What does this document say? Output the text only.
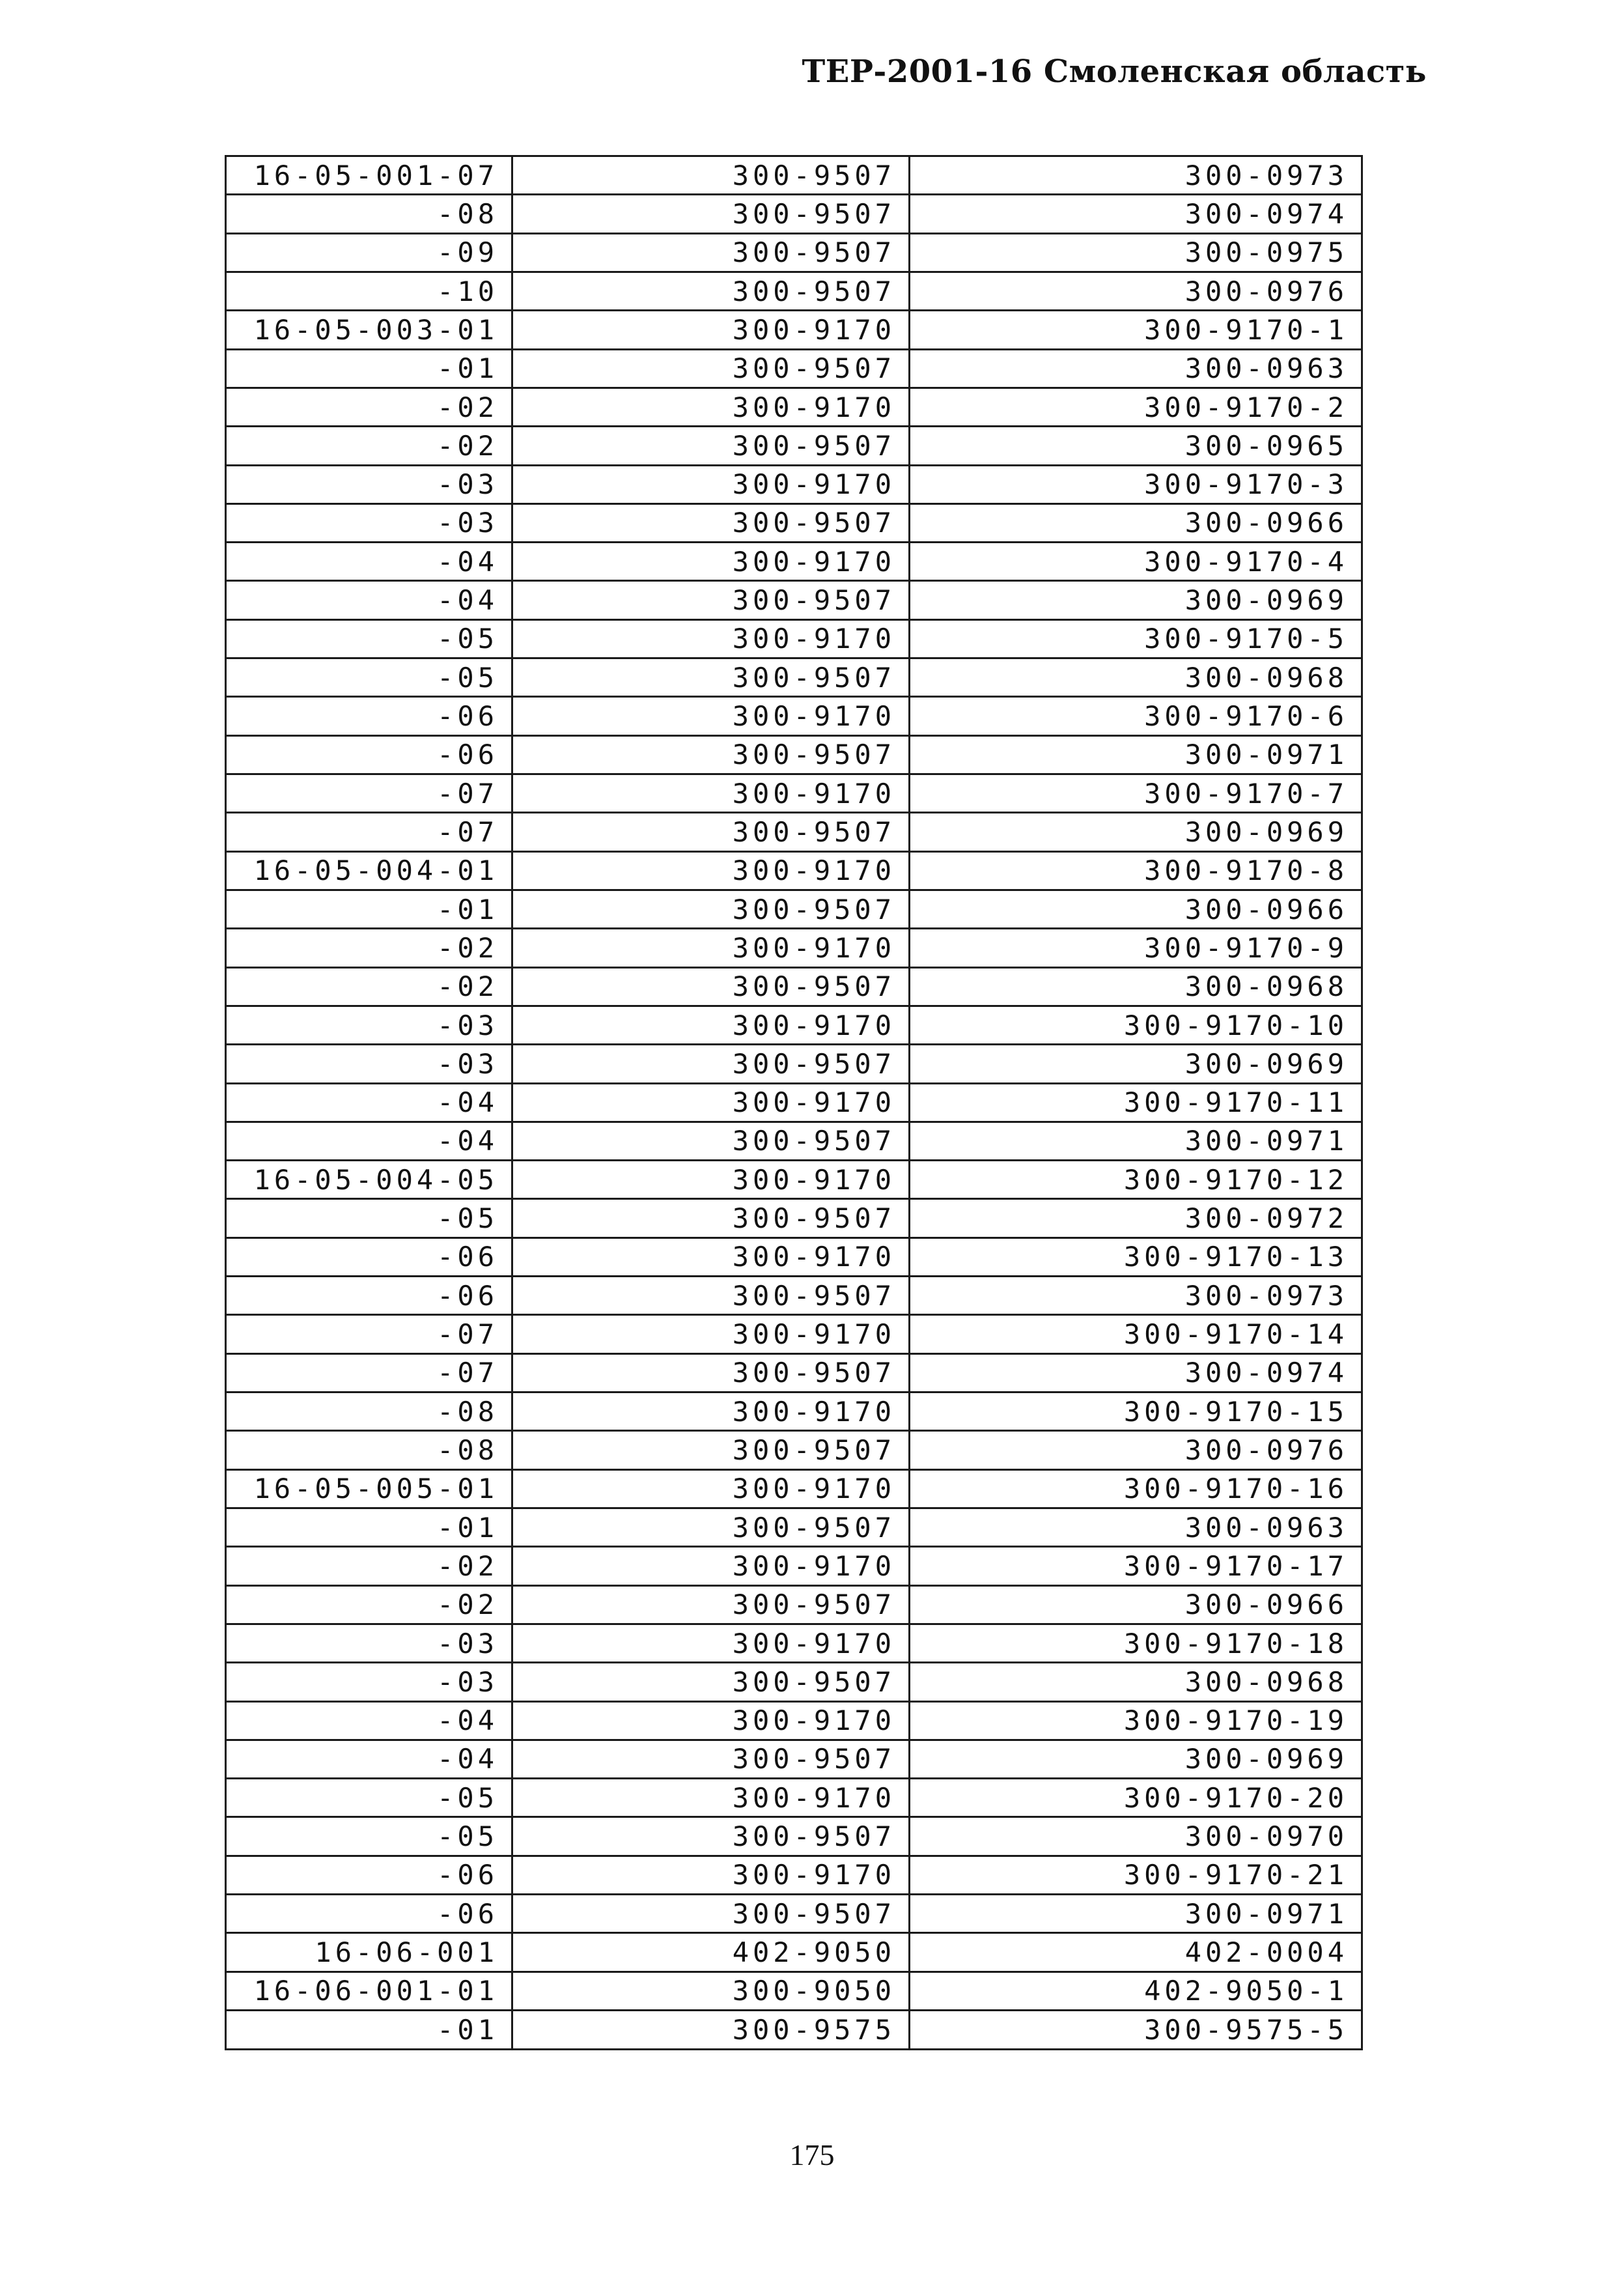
ТЕР-2001-16 Смоленская область
16-05-001-07	300-9507	300-0973
-08	300-9507	300-0974
-09	300-9507	300-0975
-10	300-9507	300-0976
16-05-003-01	300-9170	300-9170-1
-01	300-9507	300-0963
-02	300-9170	300-9170-2
-02	300-9507	300-0965
-03	300-9170	300-9170-3
-03	300-9507	300-0966
-04	300-9170	300-9170-4
-04	300-9507	300-0969
-05	300-9170	300-9170-5
-05	300-9507	300-0968
-06	300-9170	300-9170-6
-06	300-9507	300-0971
-07	300-9170	300-9170-7
-07	300-9507	300-0969
16-05-004-01	300-9170	300-9170-8
-01	300-9507	300-0966
-02	300-9170	300-9170-9
-02	300-9507	300-0968
-03	300-9170	300-9170-10
-03	300-9507	300-0969
-04	300-9170	300-9170-11
-04	300-9507	300-0971
16-05-004-05	300-9170	300-9170-12
-05	300-9507	300-0972
-06	300-9170	300-9170-13
-06	300-9507	300-0973
-07	300-9170	300-9170-14
-07	300-9507	300-0974
-08	300-9170	300-9170-15
-08	300-9507	300-0976
16-05-005-01	300-9170	300-9170-16
-01	300-9507	300-0963
-02	300-9170	300-9170-17
-02	300-9507	300-0966
-03	300-9170	300-9170-18
-03	300-9507	300-0968
-04	300-9170	300-9170-19
-04	300-9507	300-0969
-05	300-9170	300-9170-20
-05	300-9507	300-0970
-06	300-9170	300-9170-21
-06	300-9507	300-0971
16-06-001	402-9050	402-0004
16-06-001-01	300-9050	402-9050-1
-01	300-9575	300-9575-5
175
